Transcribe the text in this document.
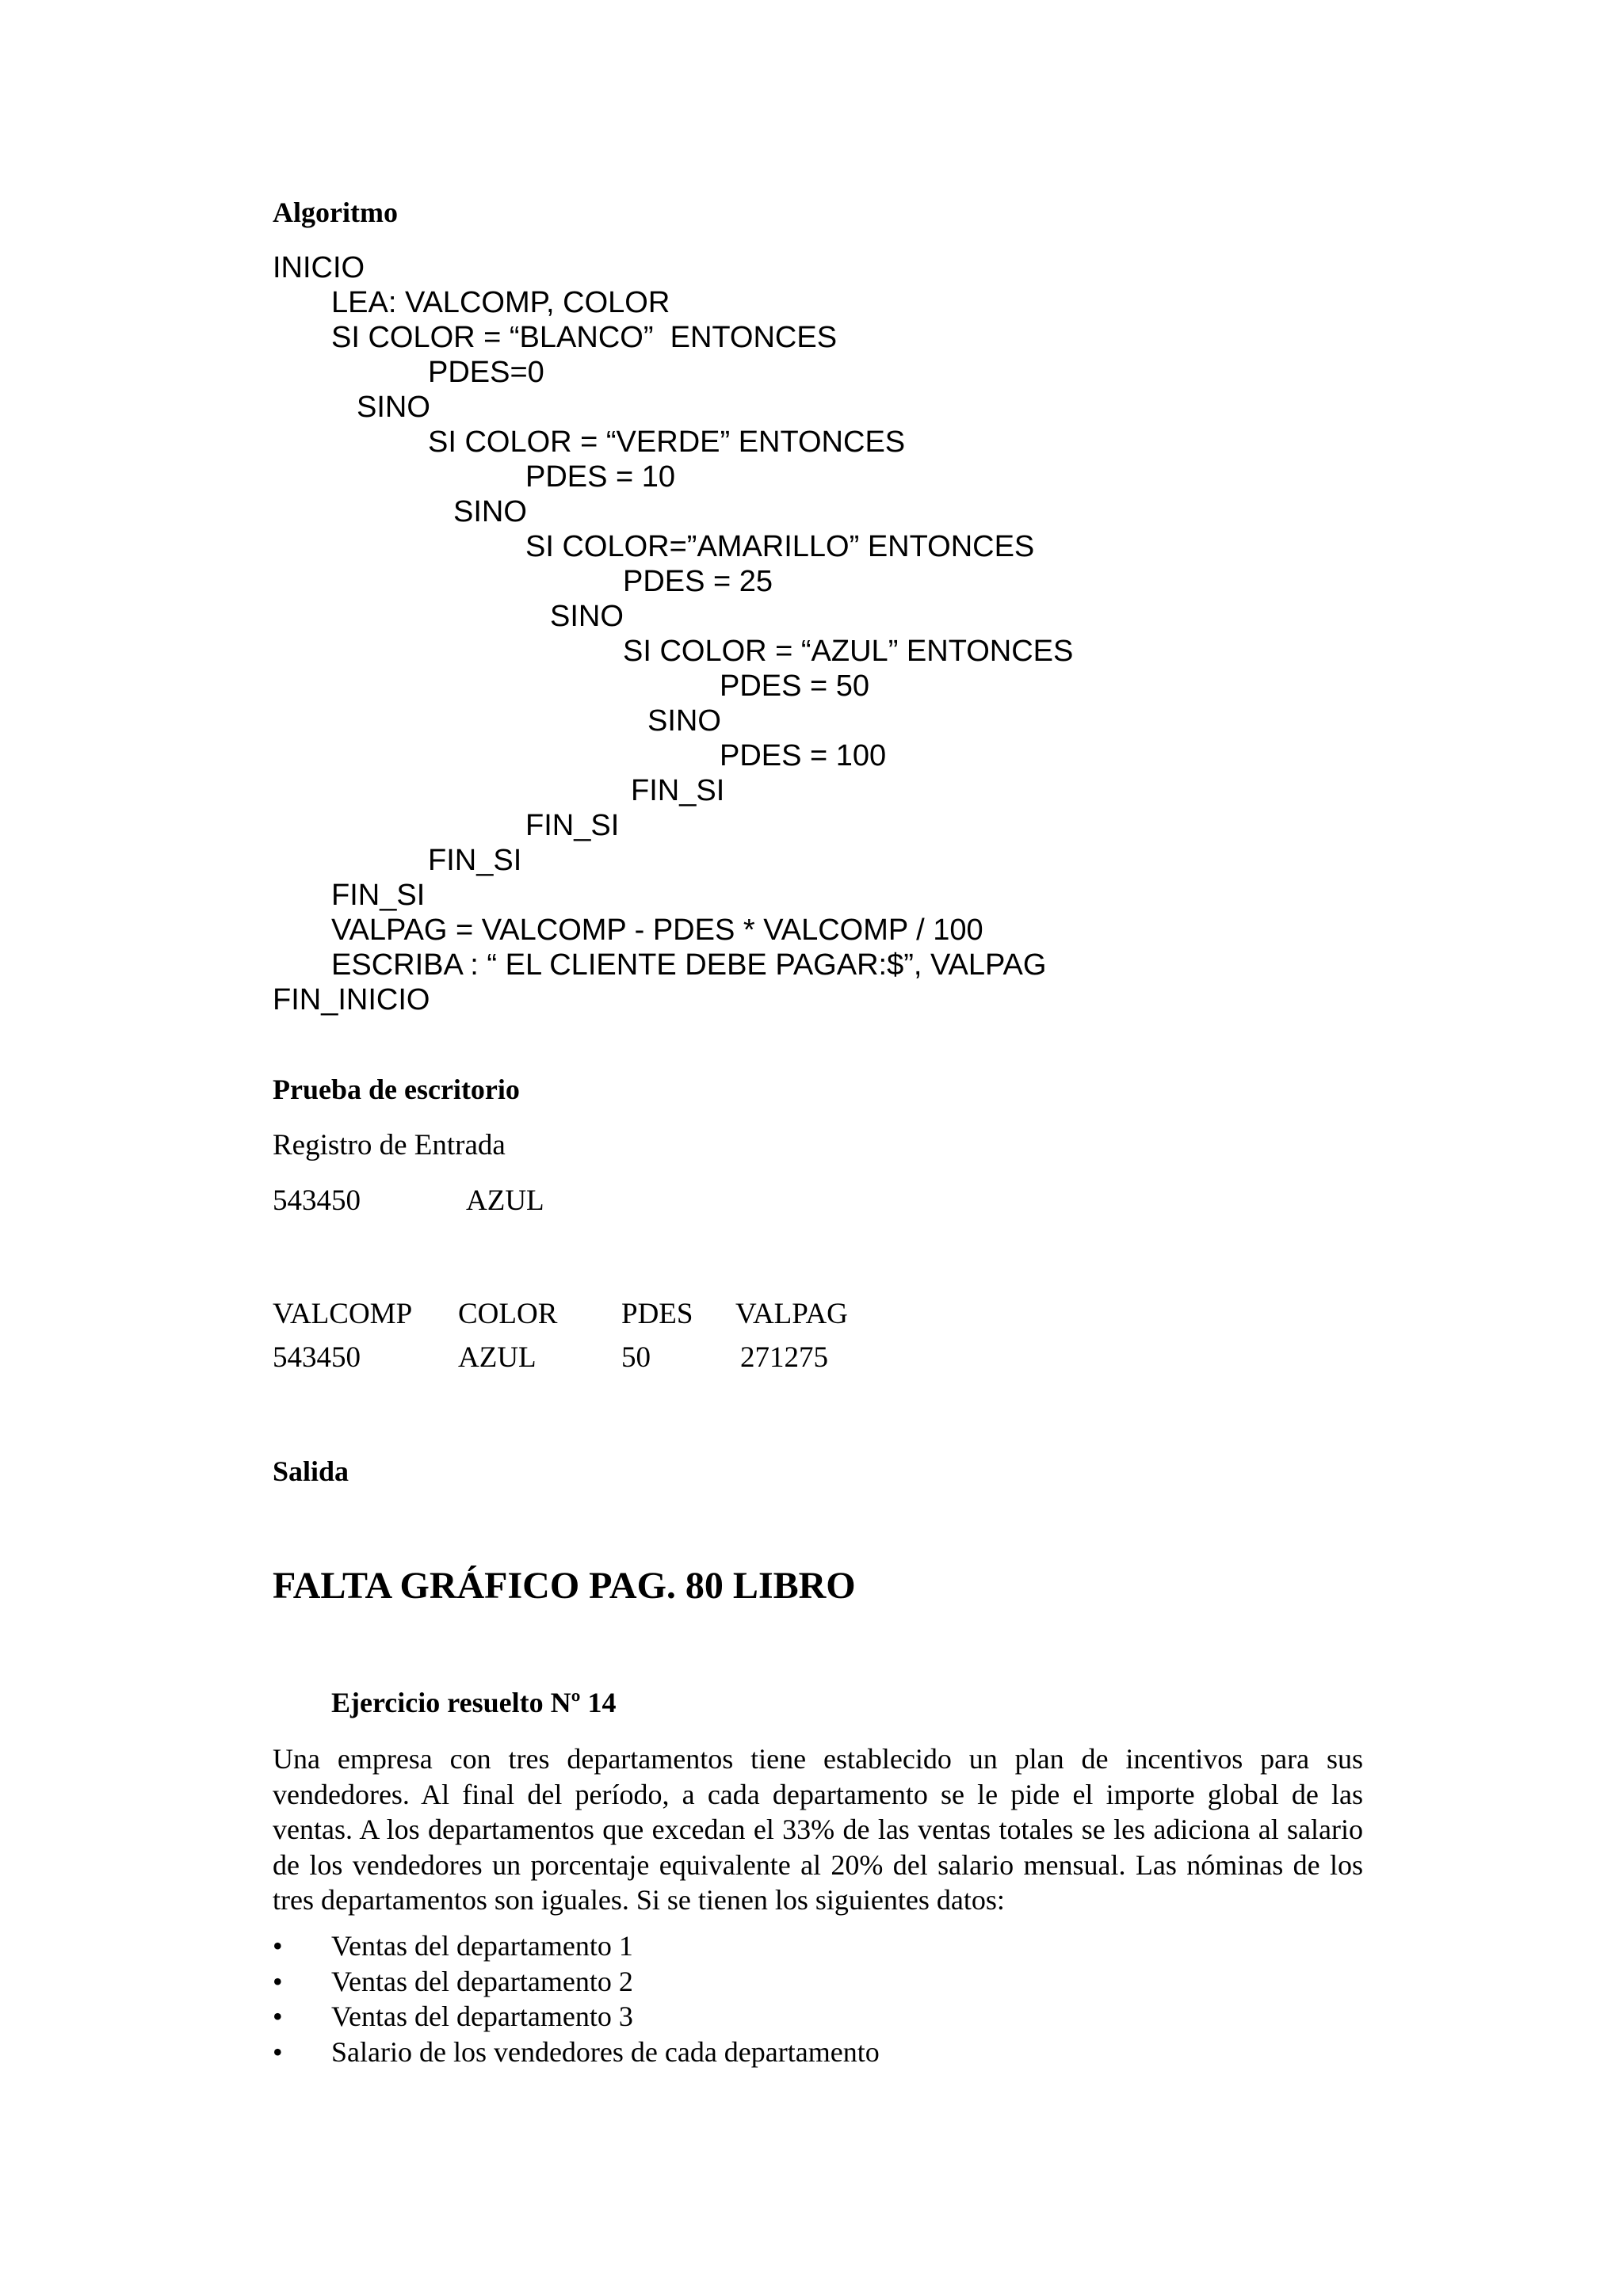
Algoritmo
INICIO
LEA: VALCOMP, COLOR
SI COLOR = “BLANCO”  ENTONCES
PDES=0
SINO
SI COLOR = “VERDE” ENTONCES
PDES = 10
SINO
SI COLOR=”AMARILLO” ENTONCES
PDES = 25
SINO
SI COLOR = “AZUL” ENTONCES
PDES = 50
SINO
PDES = 100
FIN_SI
FIN_SI
FIN_SI
FIN_SI
VALPAG = VALCOMP - PDES * VALCOMP / 100
ESCRIBA : “ EL CLIENTE DEBE PAGAR:$”, VALPAG
FIN_INICIO
Prueba de escritorio
Registro de Entrada
543450	AZUL
VALCOMP COLOR PDES VALPAG
543450	AZUL	50	271275
Salida
FALTA GRÁFICO PAG. 80 LIBRO
Ejercicio resuelto Nº 14
Una empresa con tres departamentos tiene establecido un plan de incentivos para sus vendedores. Al final del período, a cada departamento se le pide el importe global de las ventas. A los departamentos que excedan el 33% de las ventas totales se les adiciona al salario de los vendedores un porcentaje equivalente al 20% del salario mensual. Las nóminas de los tres departamentos son iguales. Si se tienen los siguientes datos:
• Ventas del departamento 1
• Ventas del departamento 2
• Ventas del departamento 3
• Salario de los vendedores de cada departamento
